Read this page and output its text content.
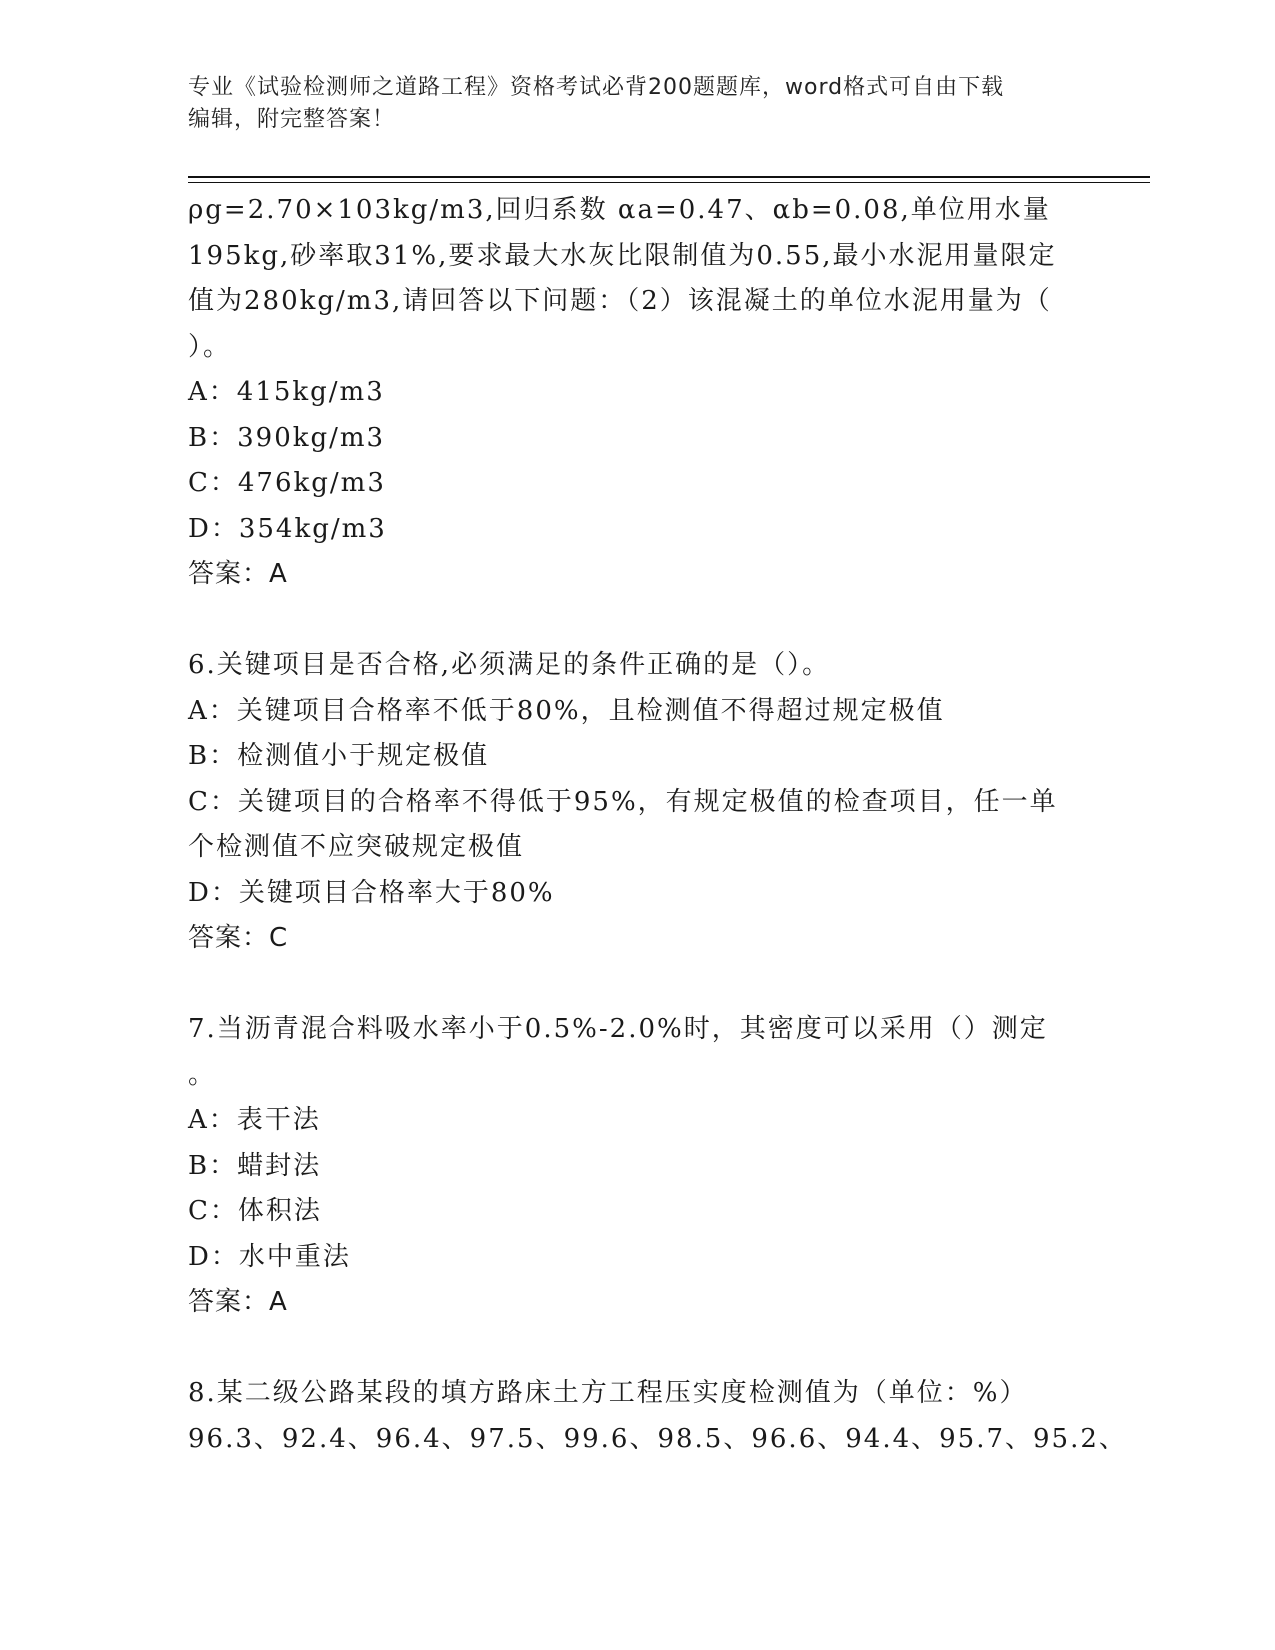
专业《试验检测师之道路工程》资格考试必背200题题库，word格式可自由下载
编辑，附完整答案！
ρg=2.70×103kg/m3,回归系数 αa=0.47、αb=0.08,单位用水量
195kg,砂率取31%,要求最大水灰比限制值为0.55,最小水泥用量限定
值为280kg/m3,请回答以下问题：（2）该混凝土的单位水泥用量为（
）。
A：415kg/m3
B：390kg/m3
C：476kg/m3
D：354kg/m3
答案：A
6.关键项目是否合格,必须满足的条件正确的是（）。
A：关键项目合格率不低于80%，且检测值不得超过规定极值
B：检测值小于规定极值
C：关键项目的合格率不得低于95%，有规定极值的检查项目，任一单
个检测值不应突破规定极值
D：关键项目合格率大于80%
答案：C
7.当沥青混合料吸水率小于0.5%-2.0%时，其密度可以采用（）测定
。
A：表干法
B：蜡封法
C：体积法
D：水中重法
答案：A
8.某二级公路某段的填方路床土方工程压实度检测值为（单位：%）
96.3、92.4、96.4、97.5、99.6、98.5、96.6、94.4、95.7、95.2、
